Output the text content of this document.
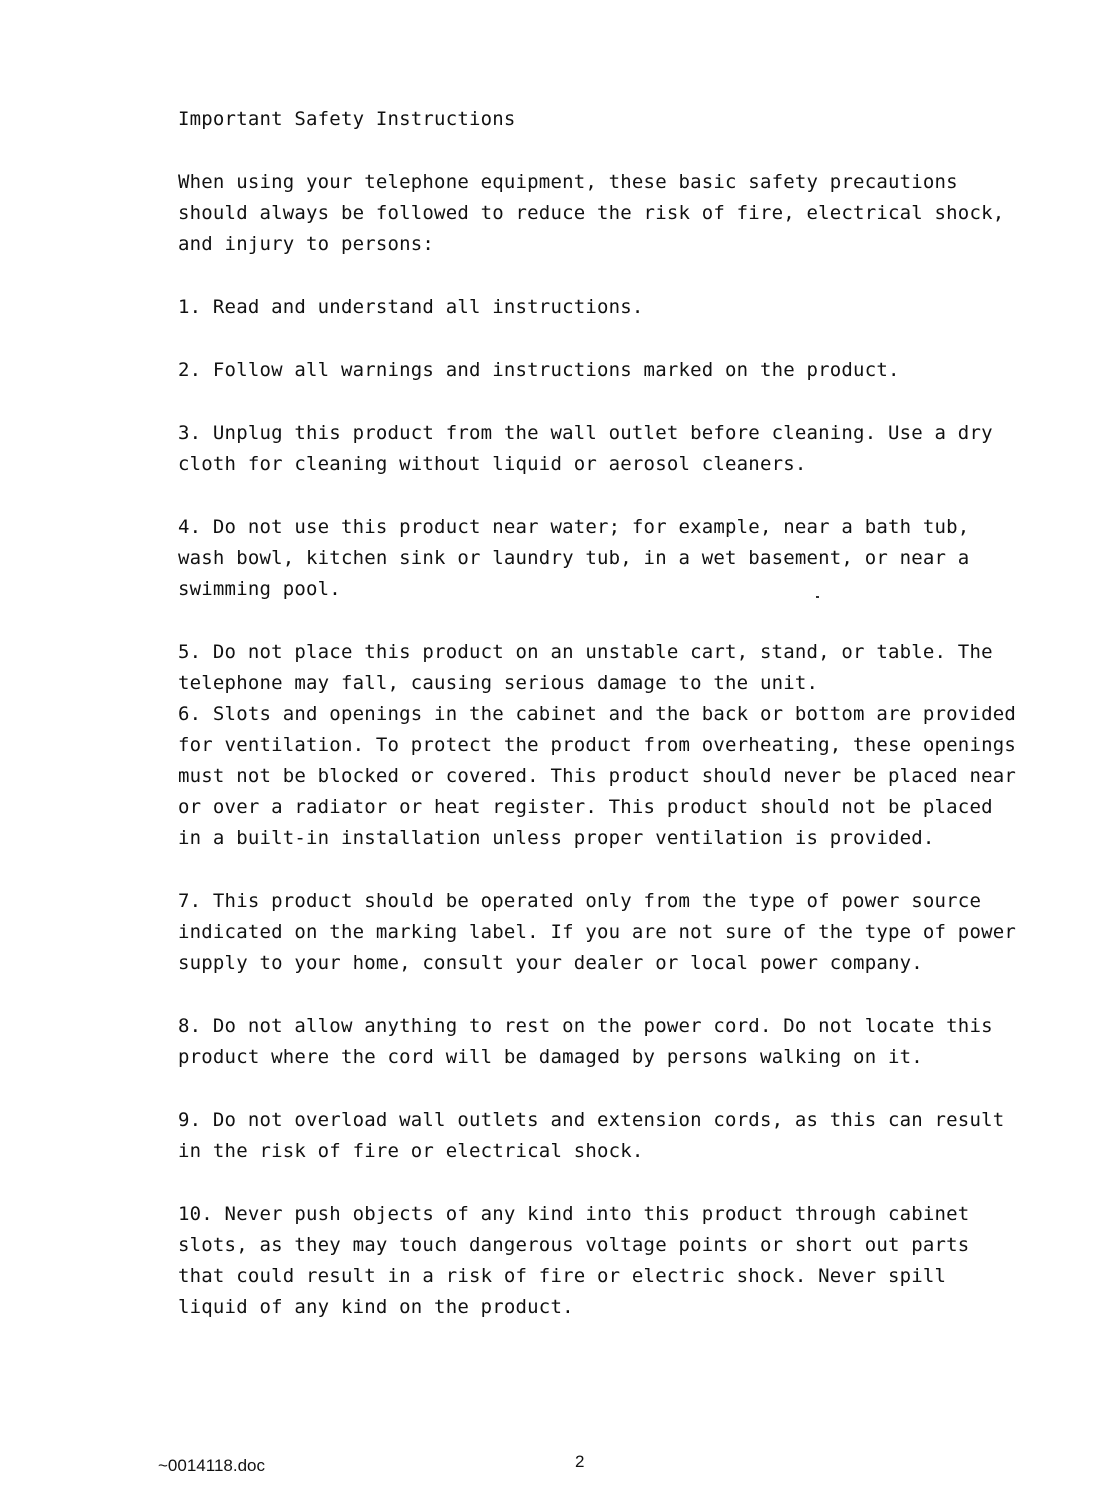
Important Safety Instructions
When using your telephone equipment, these basic safety precautions should always be followed to reduce the risk of fire, electrical shock, and injury to persons:
1. Read and understand all instructions.
2. Follow all warnings and instructions marked on the product.
3. Unplug this product from the wall outlet before cleaning. Use a dry cloth for cleaning without liquid or aerosol cleaners.
4. Do not use this product near water; for example, near a bath tub, wash bowl, kitchen sink or laundry tub, in a wet basement, or near a swimming pool.
5. Do not place this product on an unstable cart, stand, or table. The telephone may fall, causing serious damage to the unit.
6. Slots and openings in the cabinet and the back or bottom are provided for ventilation. To protect the product from overheating, these openings must not be blocked or covered. This product should never be placed near or over a radiator or heat register. This product should not be placed in a built-in installation unless proper ventilation is provided.
7. This product should be operated only from the type of power source indicated on the marking label. If you are not sure of the type of power supply to your home, consult your dealer or local power company.
8. Do not allow anything to rest on the power cord. Do not locate this product where the cord will be damaged by persons walking on it.
9. Do not overload wall outlets and extension cords, as this can result in the risk of fire or electrical shock.
10. Never push objects of any kind into this product through cabinet slots, as they may touch dangerous voltage points or short out parts that could result in a risk of fire or electric shock. Never spill liquid of any kind on the product.
~0014118.doc	2
